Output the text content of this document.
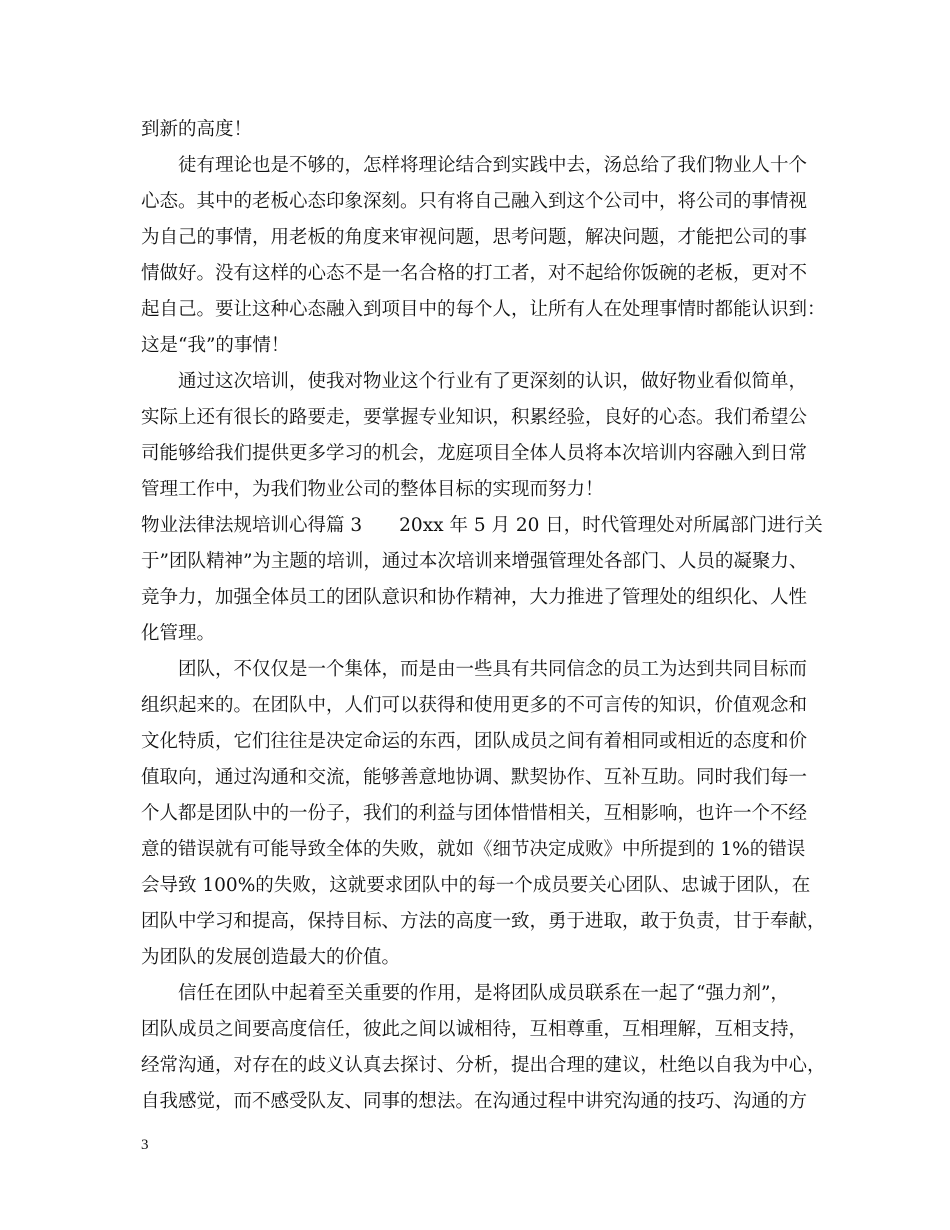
到新的高度！
徒有理论也是不够的，怎样将理论结合到实践中去，汤总给了我们物业人十个
心态。其中的老板心态印象深刻。只有将自己融入到这个公司中，将公司的事情视
为自己的事情，用老板的角度来审视问题，思考问题，解决问题，才能把公司的事
情做好。没有这样的心态不是一名合格的打工者，对不起给你饭碗的老板，更对不
起自己。要让这种心态融入到项目中的每个人，让所有人在处理事情时都能认识到：
这是“我”的事情！
通过这次培训，使我对物业这个行业有了更深刻的认识，做好物业看似简单，
实际上还有很长的路要走，要掌握专业知识，积累经验，良好的心态。我们希望公
司能够给我们提供更多学习的机会，龙庭项目全体人员将本次培训内容融入到日常
管理工作中，为我们物业公司的整体目标的实现而努力！
物业法律法规培训心得篇 3　　20xx 年 5 月 20 日，时代管理处对所属部门进行关
于”团队精神”为主题的培训，通过本次培训来增强管理处各部门、人员的凝聚力、
竞争力，加强全体员工的团队意识和协作精神，大力推进了管理处的组织化、人性
化管理。
团队，不仅仅是一个集体，而是由一些具有共同信念的员工为达到共同目标而
组织起来的。在团队中，人们可以获得和使用更多的不可言传的知识，价值观念和
文化特质，它们往往是决定命运的东西，团队成员之间有着相同或相近的态度和价
值取向，通过沟通和交流，能够善意地协调、默契协作、互补互助。同时我们每一
个人都是团队中的一份子，我们的利益与团体惜惜相关，互相影响，也许一个不经
意的错误就有可能导致全体的失败，就如《细节决定成败》中所提到的 1%的错误
会导致 100%的失败，这就要求团队中的每一个成员要关心团队、忠诚于团队，在
团队中学习和提高，保持目标、方法的高度一致，勇于进取，敢于负责，甘于奉献，
为团队的发展创造最大的价值。
信任在团队中起着至关重要的作用，是将团队成员联系在一起了“强力剂”，
团队成员之间要高度信任，彼此之间以诚相待，互相尊重，互相理解，互相支持，
经常沟通，对存在的歧义认真去探讨、分析，提出合理的建议，杜绝以自我为中心，
自我感觉，而不感受队友、同事的想法。在沟通过程中讲究沟通的技巧、沟通的方
3
